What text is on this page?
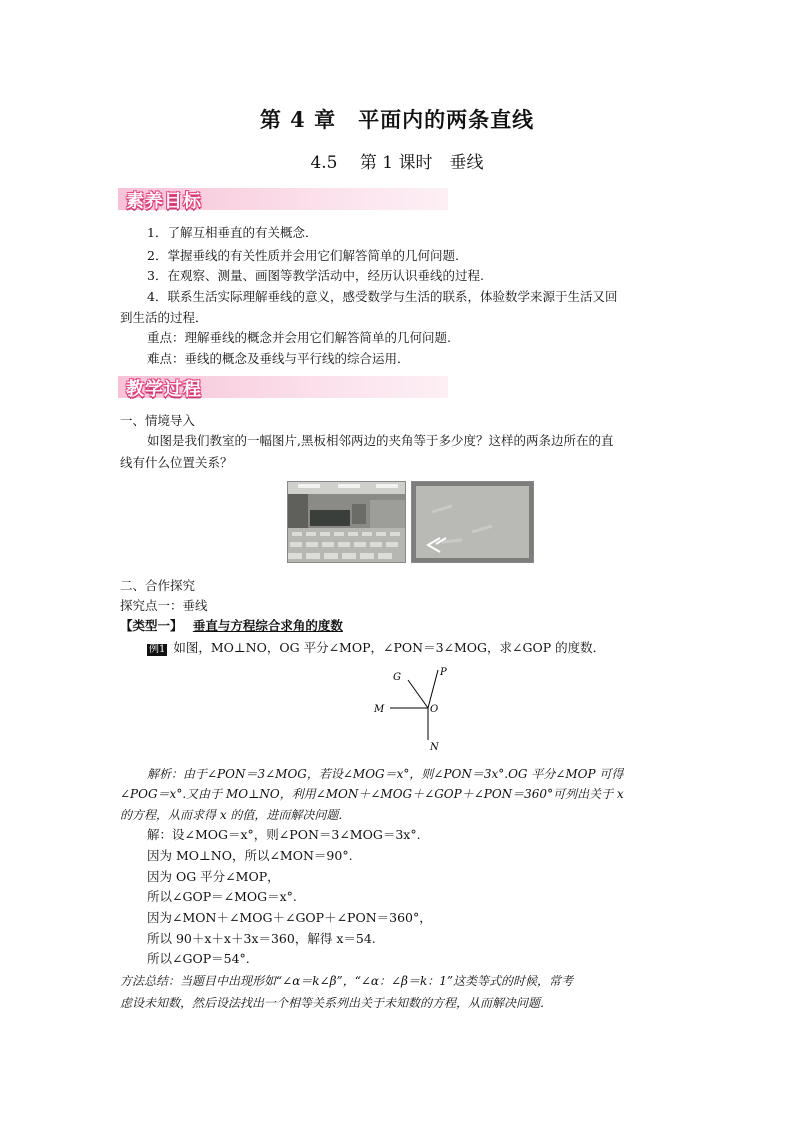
第 4 章　平面内的两条直线
4.5　 第 1 课时　垂线
素养目标
1．了解互相垂直的有关概念．
2．掌握垂线的有关性质并会用它们解答简单的几何问题.
3．在观察、测量、画图等教学活动中，经历认识垂线的过程.
4．联系生活实际理解垂线的意义，感受数学与生活的联系，体验数学来源于生活又回
到生活的过程．
重点：理解垂线的概念并会用它们解答简单的几何问题.
难点：垂线的概念及垂线与平行线的综合运用．
教学过程
一、情境导入
如图是我们教室的一幅图片,黑板相邻两边的夹角等于多少度？这样的两条边所在的直
线有什么位置关系？
二、合作探究
探究点一：垂线
【类型一】 垂直与方程综合求角的度数
例1 如图，MO⊥NO，OG 平分∠MOP，∠PON＝3∠MOG，求∠GOP 的度数．
G	P
M	O
N
解析：由于∠PON＝3∠MOG，若设∠MOG＝x°，则∠PON＝3x°.OG 平分∠MOP 可得
∠POG＝x°.又由于 MO⊥NO，利用∠MON＋∠MOG＋∠GOP＋∠PON＝360°可列出关于 x
的方程，从而求得 x 的值，进而解决问题．
解：设∠MOG＝x°，则∠PON＝3∠MOG＝3x°.
因为 MO⊥NO，所以∠MON＝90°.
因为 OG 平分∠MOP，
所以∠GOP＝∠MOG＝x°.
因为∠MON＋∠MOG＋∠GOP＋∠PON＝360°，
所以 90＋x＋x＋3x＝360，解得 x＝54.
所以∠GOP＝54°.
方法总结：当题目中出现形如“∠α＝k∠β”，“∠α：∠β＝k：1”这类等式的时候，常考
虑设未知数，然后设法找出一个相等关系列出关于未知数的方程，从而解决问题．
